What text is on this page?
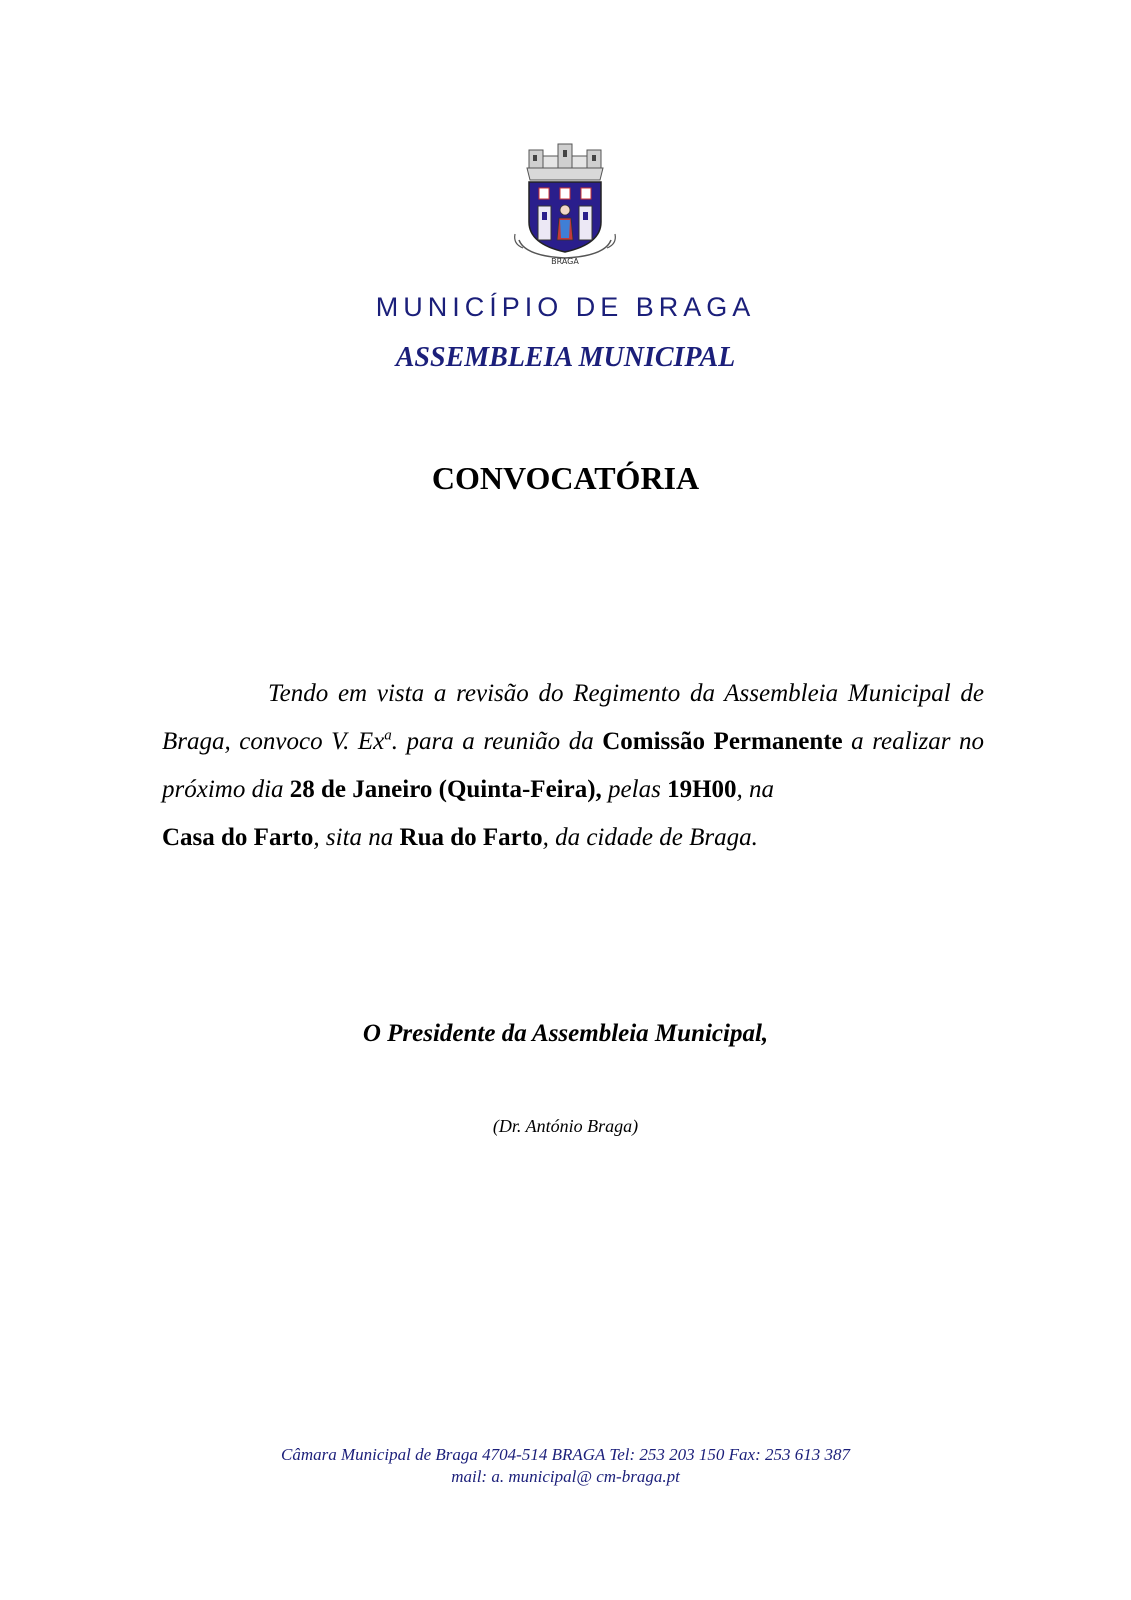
BRAGA
MUNICÍPIO DE BRAGA
ASSEMBLEIA MUNICIPAL
CONVOCATÓRIA
Tendo em vista a revisão do Regimento da Assembleia Municipal de Braga, convoco V. Ex$^a$. para a reunião da Comissão Permanente a realizar no próximo dia 28 de Janeiro (Quinta-Feira), pelas 19H00, na
Casa do Farto, sita na Rua do Farto, da cidade de Braga.
O Presidente da Assembleia Municipal,
(Dr. António Braga)
Câmara Municipal de Braga 4704-514 BRAGA Tel: 253 203 150 Fax: 253 613 387
mail: a. municipal@ cm-braga.pt
